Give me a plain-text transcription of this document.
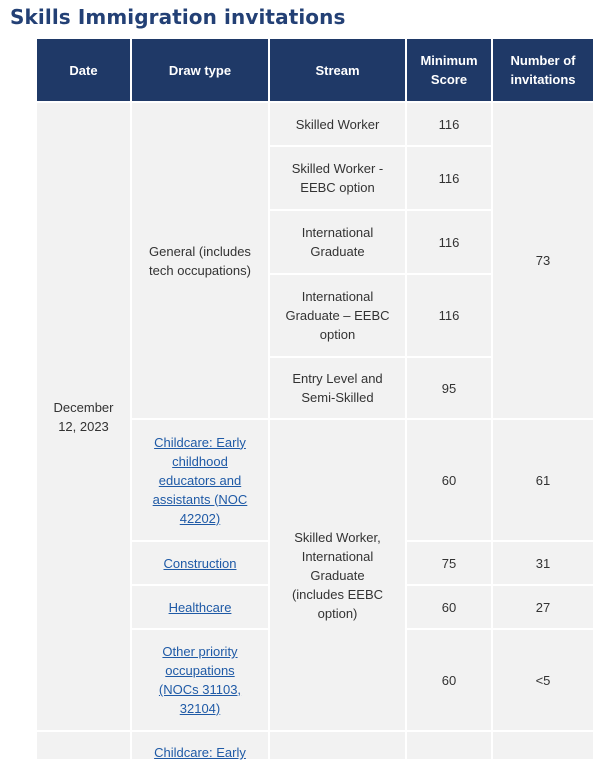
Skills Immigration invitations
Date	Draw type	Stream
Minimum Score
Number of invitations
December 12, 2023
General (includes tech occupations)
Childcare: Early childhood educators and assistants (NOC 42202)
Construction
Healthcare
Other priority occupations (NOCs 31103, 32104)
Skilled Worker
Skilled Worker - EEBC option
International Graduate
International Graduate – EEBC option
Entry Level and Semi-Skilled
Skilled Worker, International Graduate (includes EEBC option)
116
116
116
116
95
60
75
60
60
73
61
31
27
<5
Childcare: Early
